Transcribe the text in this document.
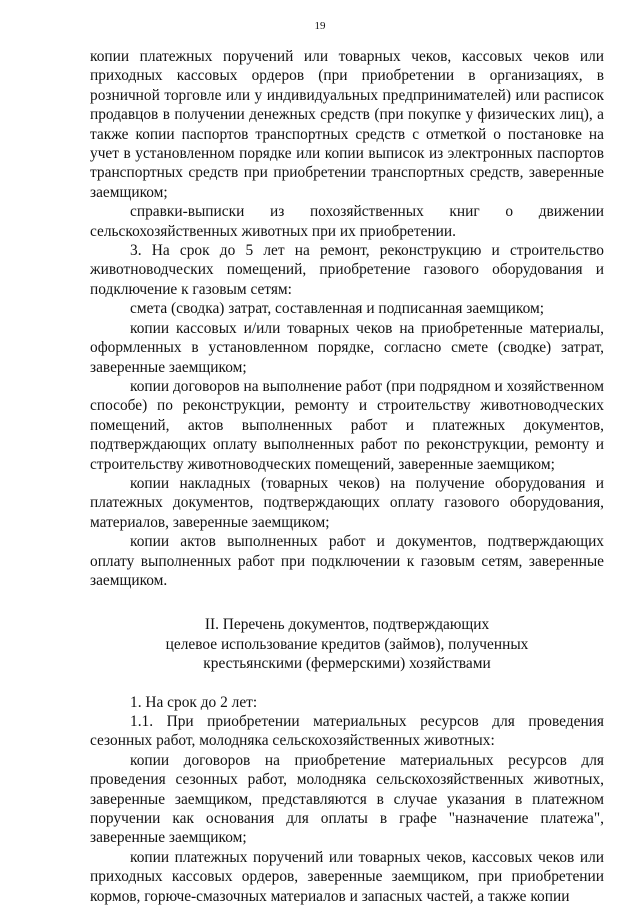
19

копии платежных поручений или товарных чеков, кассовых чеков или приходных кассовых ордеров (при приобретении в организациях, в розничной торговле или у индивидуальных предпринимателей) или расписок продавцов в получении денежных средств (при покупке у физических лиц), а также копии паспортов транспортных средств с отметкой о постановке на учет в установленном порядке или копии выписок из электронных паспортов транспортных средств при приобретении транспортных средств, заверенные заемщиком;

справки-выписки из похозяйственных книг о движении сельскохозяйственных животных при их приобретении.

3. На срок до 5 лет на ремонт, реконструкцию и строительство животноводческих помещений, приобретение газового оборудования и подключение к газовым сетям:

смета (сводка) затрат, составленная и подписанная заемщиком;

копии кассовых и/или товарных чеков на приобретенные материалы, оформленных в установленном порядке, согласно смете (сводке) затрат, заверенные заемщиком;

копии договоров на выполнение работ (при подрядном и хозяйственном способе) по реконструкции, ремонту и строительству животноводческих помещений, актов выполненных работ и платежных документов, подтверждающих оплату выполненных работ по реконструкции, ремонту и строительству животноводческих помещений, заверенные заемщиком;

копии накладных (товарных чеков) на получение оборудования и платежных документов, подтверждающих оплату газового оборудования, материалов, заверенные заемщиком;

копии актов выполненных работ и документов, подтверждающих оплату выполненных работ при подключении к газовым сетям, заверенные заемщиком.

II. Перечень документов, подтверждающих
целевое использование кредитов (займов), полученных
крестьянскими (фермерскими) хозяйствами

1. На срок до 2 лет:

1.1. При приобретении материальных ресурсов для проведения сезонных работ, молодняка сельскохозяйственных животных:

копии договоров на приобретение материальных ресурсов для проведения сезонных работ, молодняка сельскохозяйственных животных, заверенные заемщиком, представляются в случае указания в платежном поручении как основания для оплаты в графе "назначение платежа", заверенные заемщиком;

копии платежных поручений или товарных чеков, кассовых чеков или приходных кассовых ордеров, заверенные заемщиком, при приобретении кормов, горюче-смазочных материалов и запасных частей, а также копии
